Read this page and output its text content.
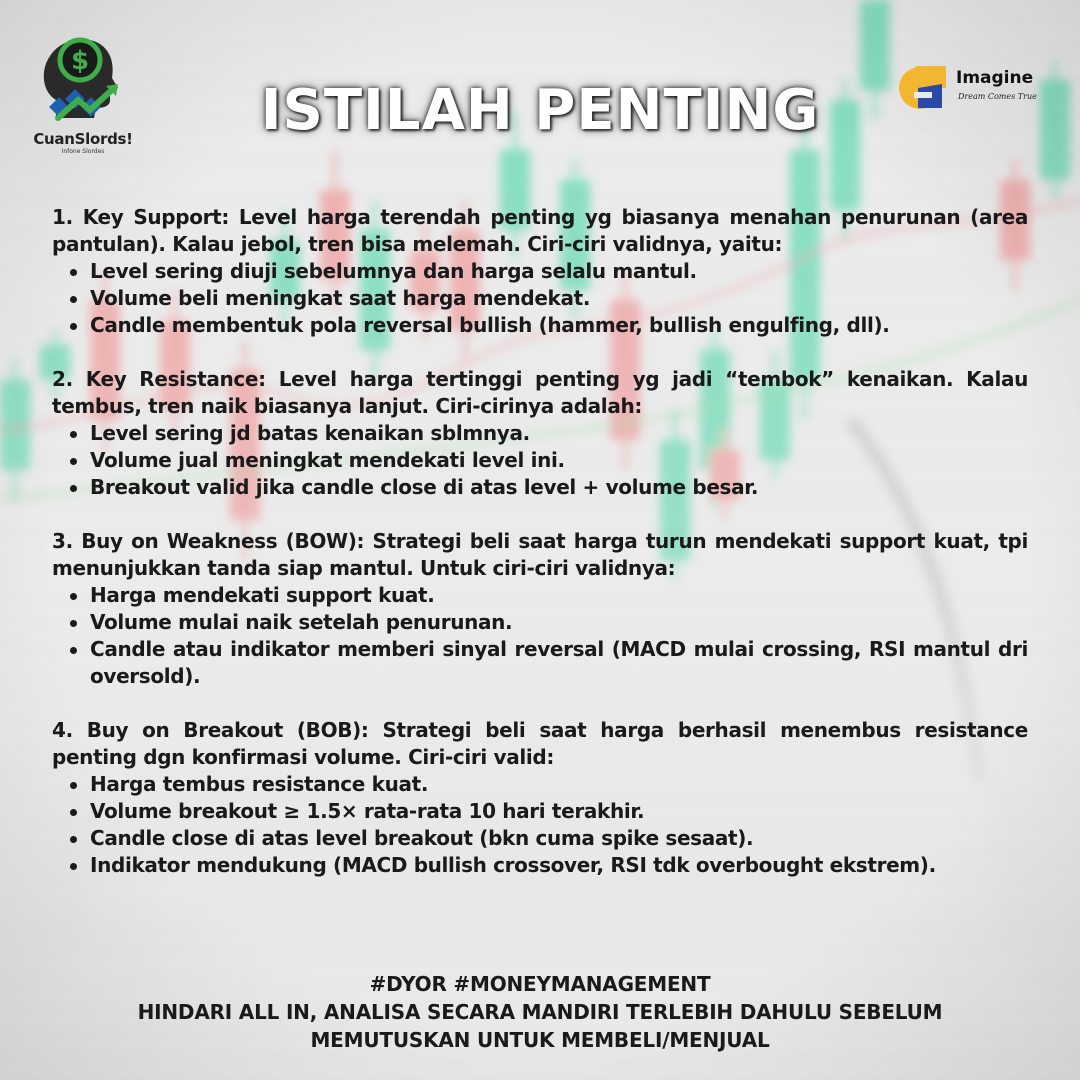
$
CuanSlords!
Infone Slordes
Imagine
Dream Comes True
ISTILAH PENTING
1. Key Support: Level harga terendah penting yg biasanya menahan penurunan (area pantulan). Kalau jebol, tren bisa melemah. Ciri-ciri validnya, yaitu:
Level sering diuji sebelumnya dan harga selalu mantul.
Volume beli meningkat saat harga mendekat.
Candle membentuk pola reversal bullish (hammer, bullish engulfing, dll).
2. Key Resistance: Level harga tertinggi penting yg jadi “tembok” kenaikan. Kalau tembus, tren naik biasanya lanjut. Ciri-cirinya adalah:
Level sering jd batas kenaikan sblmnya.
Volume jual meningkat mendekati level ini.
Breakout valid jika candle close di atas level + volume besar.
3. Buy on Weakness (BOW): Strategi beli saat harga turun mendekati support kuat, tpi menunjukkan tanda siap mantul. Untuk ciri-ciri validnya:
Harga mendekati support kuat.
Volume mulai naik setelah penurunan.
Candle atau indikator memberi sinyal reversal (MACD mulai crossing, RSI mantul dri oversold).
4. Buy on Breakout (BOB): Strategi beli saat harga berhasil menembus resistance penting dgn konfirmasi volume. Ciri-ciri valid:
Harga tembus resistance kuat.
Volume breakout ≥ 1.5× rata-rata 10 hari terakhir.
Candle close di atas level breakout (bkn cuma spike sesaat).
Indikator mendukung (MACD bullish crossover, RSI tdk overbought ekstrem).
#DYOR #MONEYMANAGEMENT
HINDARI ALL IN, ANALISA SECARA MANDIRI TERLEBIH DAHULU SEBELUM
MEMUTUSKAN UNTUK MEMBELI/MENJUAL
